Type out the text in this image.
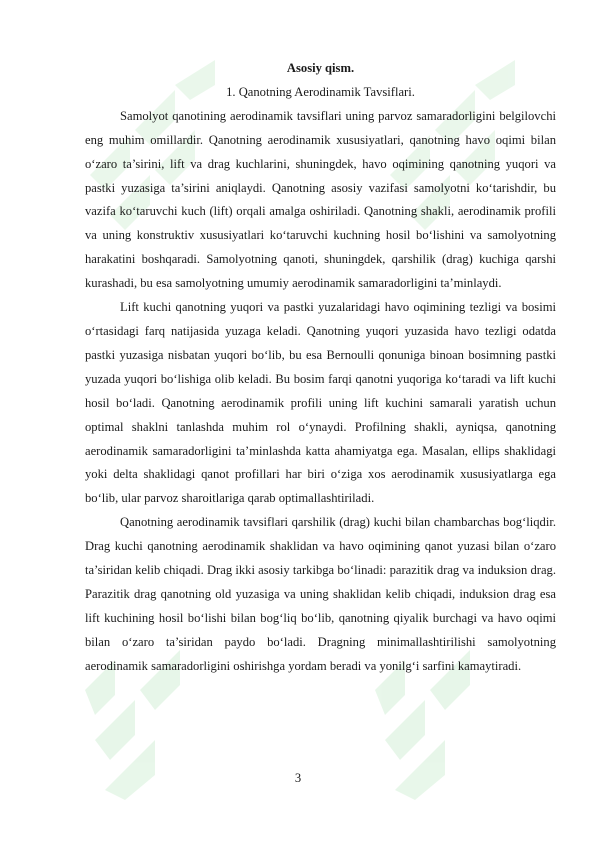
Asosiy qism.

1. Qanotning Aerodinamik Tavsiflari.

Samolyot qanotining aerodinamik tavsiflari uning parvoz samaradorligini belgilovchi eng muhim omillardir. Qanotning aerodinamik xususiyatlari, qanotning havo oqimi bilan o‘zaro ta’sirini, lift va drag kuchlarini, shuningdek, havo oqimining qanotning yuqori va pastki yuzasiga ta’sirini aniqlaydi. Qanotning asosiy vazifasi samolyotni ko‘tarishdir, bu vazifa ko‘taruvchi kuch (lift) orqali amalga oshiriladi. Qanotning shakli, aerodinamik profili va uning konstruktiv xususiyatlari ko‘taruvchi kuchning hosil bo‘lishini va samolyotning harakatini boshqaradi. Samolyotning qanoti, shuningdek, qarshilik (drag) kuchiga qarshi kurashadi, bu esa samolyotning umumiy aerodinamik samaradorligini ta’minlaydi.

Lift kuchi qanotning yuqori va pastki yuzalaridagi havo oqimining tezligi va bosimi o‘rtasidagi farq natijasida yuzaga keladi. Qanotning yuqori yuzasida havo tezligi odatda pastki yuzasiga nisbatan yuqori bo‘lib, bu esa Bernoulli qonuniga binoan bosimning pastki yuzada yuqori bo‘lishiga olib keladi. Bu bosim farqi qanotni yuqoriga ko‘taradi va lift kuchi hosil bo‘ladi. Qanotning aerodinamik profili uning lift kuchini samarali yaratish uchun optimal shaklni tanlashda muhim rol o‘ynaydi. Profilning shakli, ayniqsa, qanotning aerodinamik samaradorligini ta’minlashda katta ahamiyatga ega. Masalan, ellips shaklidagi yoki delta shaklidagi qanot profillari har biri o‘ziga xos aerodinamik xususiyatlarga ega bo‘lib, ular parvoz sharoitlariga qarab optimallashtiriladi.

Qanotning aerodinamik tavsiflari qarshilik (drag) kuchi bilan chambarchas bog‘liqdir. Drag kuchi qanotning aerodinamik shaklidan va havo oqimining qanot yuzasi bilan o‘zaro ta’siridan kelib chiqadi. Drag ikki asosiy tarkibga bo‘linadi: parazitik drag va induksion drag. Parazitik drag qanotning old yuzasiga va uning shaklidan kelib chiqadi, induksion drag esa lift kuchining hosil bo‘lishi bilan bog‘liq bo‘lib, qanotning qiyalik burchagi va havo oqimi bilan o‘zaro ta’siridan paydo bo‘ladi. Dragning minimallashtirilishi samolyotning aerodinamik samaradorligini oshirishga yordam beradi va yonilg‘i sarfini kamaytiradi.

3
